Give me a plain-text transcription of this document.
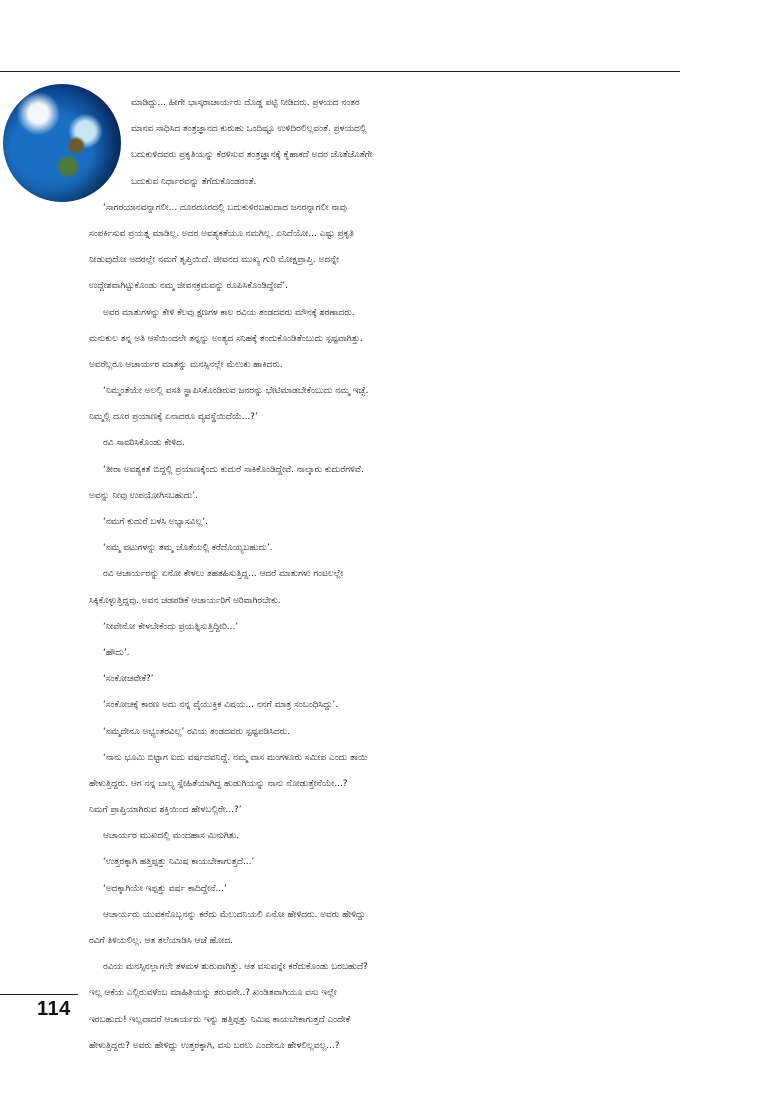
ಮಾಡಿದ್ದು... ಹೀಗೇ ಭಾಸ್ಕರಾಚಾರ್ಯರು ದೊಡ್ಡ ಪಟ್ಟಿ ನೀಡಿದರು. ಪ್ರಳಯದ ನಂತರ
ಮಾನವ ಸಾಧಿಸಿದ ತಂತ್ರಜ್ಞಾನದ ಕುರುಹು ಒಂದಿಷ್ಟೂ ಉಳಿದಿರಲಿಲ್ಲವಂತೆ. ಪ್ರಳಯದಲ್ಲಿ
ಬದುಕುಳಿದವರು ಪ್ರಕೃತಿಯನ್ನು ಕೆರಳಿಸುವ ತಂತ್ರಜ್ಞಾನಕ್ಕೆ ಕೈಹಾಕದೆ ಅದರ ಜೊತೆಜೊತೆಗೇ
ಬದುಕುವ ನಿರ್ಧಾರವನ್ನು ತೆಗೆದುಕೊಂಡರಂತೆ.
‘ಸಾಗರಯಾನವನ್ನಾಗಲೀ... ದೂರದೂರದಲ್ಲಿ ಬದುಕುಳಿರಬಹುದಾದ ಜನರನ್ನಾಗಲೀ ನಾವು
ಸಂಪರ್ಕಿಸುವ ಪ್ರಯತ್ನ ಮಾಡಿಲ್ಲ. ಅದರ ಅವಶ್ಯಕತೆಯೂ ನಮಗಿಲ್ಲ. ಏನಿದೆಯೋ... ಎಷ್ಟು ಪ್ರಕೃತಿ
ನೀಡುವುದೋ ಅದರಲ್ಲೇ ನಮಗೆ ತೃಪ್ತಿಯಿದೆ. ಜೀವನದ ಮುಖ್ಯ ಗುರಿ ಮೋಕ್ಷಪ್ರಾಪ್ತಿ. ಅದನ್ನೇ
ಉದ್ದೇಶವಾಗಿಟ್ಟುಕೊಂಡು ನಮ್ಮ ಜೀವನಕ್ರಮವನ್ನು ರೂಪಿಸಿಕೊಂಡಿದ್ದೇವೆ’.
ಅವರ ಮಾತುಗಳನ್ನು ಕೇಳಿ ಕೆಲವು ಕ್ಷಣಗಳ ಕಾಲ ರವಿಯ ತಂಡದವರು ಮೌನಕ್ಕೆ ಶರಣಾದರು.
ಮನುಕುಲ ತನ್ನ ಅತಿ ಆಸೆಯಿಂದಲೇ ತನ್ನನ್ನು ಅಂತ್ಯದ ಸನಿಹಕ್ಕೆ ತಂದುಕೊಂಡಿತೆಂಬುದು ಸ್ಪಷ್ಟವಾಗಿತ್ತು.
ಅವರೆಲ್ಲರೂ ಆಚಾರ್ಯರ ಮಾತನ್ನು ಮನಸ್ಸಿನಲ್ಲೇ ಮೆಲುಕು ಹಾಕಿದರು.
‘ನಿಮ್ಮಂತೆಯೇ ಅಲಲ್ಲಿ ವಸತಿ ಸ್ಥಾಪಿಸಿಕೊಂಡಿರುವ ಜನರನ್ನು ಭೇಟಿಮಾಡಬೇಕೆಂಬುದು ನಮ್ಮ ಇಚ್ಛೆ.
ನಿಮ್ಮಲ್ಲಿ ದೂರ ಪ್ರಯಾಣಕ್ಕೆ ಏನಾದರೂ ವ್ಯವಸ್ಥೆಯಿದೆಯೆ...?’
ರವಿ ಸಾವರಿಸಿಕೊಂಡು ಕೇಳಿದ.
‘ತೀರಾ ಅವಶ್ಯಕತೆ ಬಿದ್ದಲ್ಲಿ ಪ್ರಯಾಣಕ್ಕೆಂದು ಕುದುರೆ ಸಾಕಿಕೊಂಡಿದ್ದೇವೆ. ನಾಲ್ಕಾರು ಕುದುರೆಗಳಿವೆ.
ಅವನ್ನು ನೀವು ಉಪಯೋಗಿಸಬಹುದು’.
‘ನಮಗೆ ಕುದುರೆ ಬಳಸಿ ಅಭ್ಯಾಸವಿಲ್ಲ’.
‘ನಮ್ಮ ವಟುಗಳನ್ನು ತಮ್ಮ ಜೊತೆಯಲ್ಲಿ ಕರೆದೊಯ್ಯಬಹುದು’.
ರವಿ ಆಚಾರ್ಯರನ್ನು ಏನೋ ಕೇಳಲು ತಹತಹಿಸುತ್ತಿದ್ದ... ಆದರೆ ಮಾತುಗಳು ಗಂಟಲಲ್ಲೇ
ಸಿಕ್ಕಿಕೊಳ್ಳುತ್ತಿದ್ದವು. ಅವನ ಚಡಪಡಿಕೆ ಆಚಾರ್ಯರಿಗೆ ಅರಿವಾಗಿರಬೇಕು.
‘ನೀವೇನೋ ಕೇಳಬೇಕೆಂದು ಪ್ರಯತ್ನಿಸುತ್ತಿದ್ದೀರಿ...’
‘ಹೌದು’.
‘ಸಂಕೋಚವೇಕೆ?’
‘ಸಂಕೋಚಕ್ಕೆ ಕಾರಣ ಅದು ನನ್ನ ವೈಯುಕ್ತಿಕ ವಿಷಯ... ನನಗೆ ಮಾತ್ರ ಸಂಬಂಧಿಸಿದ್ದು’.
‘ನಮ್ಮದೇನೂ ಅಭ್ಯಂತರವಿಲ್ಲ’ ರವಿಯ ತಂಡದವರು ಸ್ಪಷ್ಟಪಡಿಸಿದರು.
‘ನಾನು ಭೂಮಿ ಬಿಟ್ಟಾಗ ಐದು ವರ್ಷದವನಿದ್ದೆ. ನಮ್ಮ ವಾಸ ಮಂಗಳೂರು ಸಮೀಪ ಎಂದು ತಾಯಿ
ಹೇಳುತ್ತಿದ್ದರು. ಆಗ ನನ್ನ ಬಾಲ್ಯ ಸ್ನೇಹಿತೆಯಾಗಿದ್ದ ಹುಡುಗಿಯನ್ನು ನಾನು ನೋಡುತ್ತೇನೆಯೇ...?
ನಿಮಗೆ ಪ್ರಾಪ್ತಿಯಾಗಿರುವ ಶಕ್ತಿಯಿಂದ ಹೇಳಬಲ್ಲಿರೇ...?’
ಆಚಾರ್ಯರ ಮುಖದಲ್ಲಿ ಮಂದಹಾಸ ಮಿನುಗಿತು.
‘ಉತ್ತರಕ್ಕಾಗಿ ಹತ್ತಿಪ್ಪತ್ತು ನಿಮಿಷ ಕಾಯಬೇಕಾಗುತ್ತದೆ...’
‘ಅದಕ್ಕಾಗಿಯೇ ಇಪ್ಪತ್ತು ವರ್ಷ ಕಾದಿದ್ದೇನೆ...’
ಆಚಾರ್ಯರು ಯುವಕನೊಬ್ಬನನ್ನು ಕರೆದು ಮೆಲುದನಿಯಲಿ ಏನೋ ಹೇಳಿದರು. ಅವರು ಹೇಳಿದ್ದು
ರವಿಗೆ ತಿಳಿಯಲಿಲ್ಲ. ಆತ ತಲೆಯಾಡಿಸಿ ಆಚೆ ಹೋದ.
ರವಿಯ ಮನಸ್ಸಿನಲ್ಲಾಗಲೇ ತಳಮಳ ಶುರುವಾಗಿತ್ತು. ಆತ ವಸುವನ್ನೇ ಕರೆದುಕೊಂಡು ಬರಬಹುದೆ?
ಇಲ್ಲ ಆಕೆಯ ಎಲ್ಲಿರುವಳೆಂಬ ಮಾಹಿತಿಯನ್ನು ತರುವನೇ..? ಖಂಡಿತವಾಗಿಯೂ ವಸು ಇಲ್ಲೇ
ಇರಬಹುದು! ಇಲ್ಲವಾದರೆ ಆಚಾರ್ಯರು ಇನ್ನು ಹತ್ತಿಪ್ಪತ್ತು ನಿಮಿಷ ಕಾಯಬೇಕಾಗುತ್ತದೆ ಎಂದೇಕೆ
ಹೇಳುತ್ತಿದ್ದರು? ಅವರು ಹೇಳಿದ್ದು ಉತ್ತರಕ್ಕಾಗಿ, ವಸು ಬರಲು ಎಂದೇನೂ ಹೇಳಲಿಲ್ಲವಲ್ಲ...?
114
